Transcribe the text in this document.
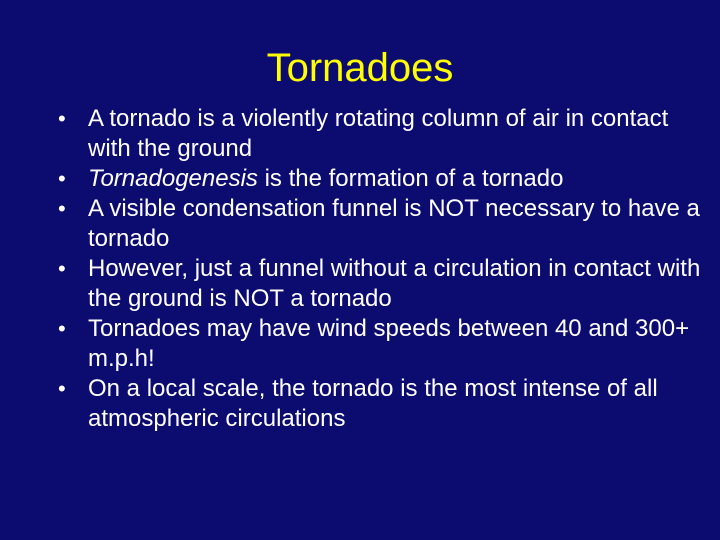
Tornadoes
• A tornado is a violently rotating column of air in contact with the ground
• Tornadogenesis is the formation of a tornado
• A visible condensation funnel is NOT necessary to have a tornado
• However, just a funnel without a circulation in contact with the ground is NOT a tornado
• Tornadoes may have wind speeds between 40 and 300+ m.p.h!
• On a local scale, the tornado is the most intense of all atmospheric circulations
